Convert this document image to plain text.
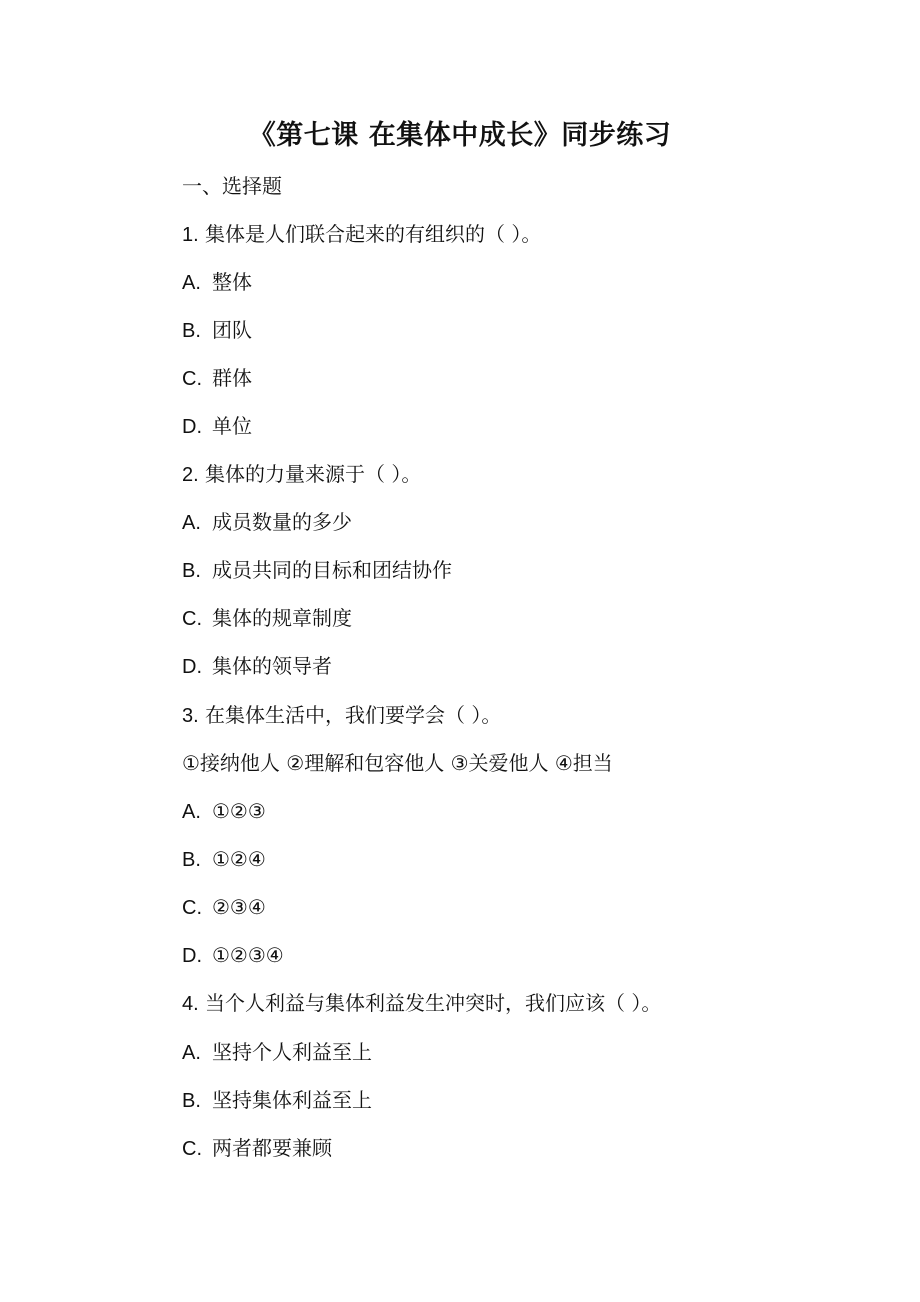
《第七课 在集体中成长》同步练习
一、选择题
1. 集体是人们联合起来的有组织的（ ）。
A. 整体
B. 团队
C. 群体
D. 单位
2. 集体的力量来源于（ ）。
A. 成员数量的多少
B. 成员共同的目标和团结协作
C. 集体的规章制度
D. 集体的领导者
3. 在集体生活中，我们要学会（ ）。
①接纳他人 ②理解和包容他人 ③关爱他人 ④担当
A. ①②③
B. ①②④
C. ②③④
D. ①②③④
4. 当个人利益与集体利益发生冲突时，我们应该（ ）。
A. 坚持个人利益至上
B. 坚持集体利益至上
C. 两者都要兼顾
